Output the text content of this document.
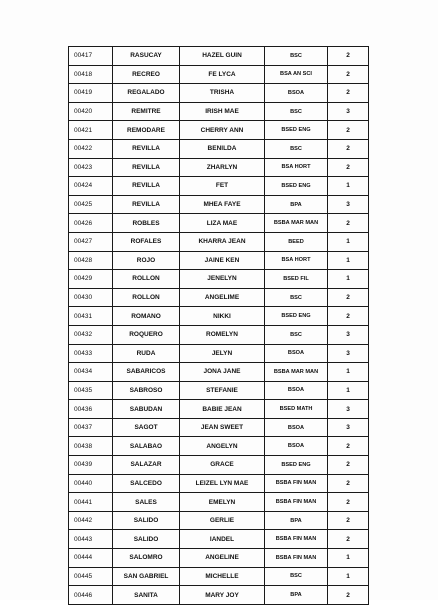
00417	RASUCAY	HAZEL GUIN	BSC	2
00418	RECREO	FE LYCA	BSA AN SCI	2
00419	REGALADO	TRISHA	BSOA	2
00420	REMITRE	IRISH MAE	BSC	3
00421	REMODARE	CHERRY ANN	BSED ENG	2
00422	REVILLA	BENILDA	BSC	2
00423	REVILLA	ZHARLYN	BSA HORT	2
00424	REVILLA	FET	BSED ENG	1
00425	REVILLA	MHEA FAYE	BPA	3
00426	ROBLES	LIZA MAE	BSBA MAR MAN	2
00427	ROFALES	KHARRA JEAN	BEED	1
00428	ROJO	JAINE KEN	BSA HORT	1
00429	ROLLON	JENELYN	BSED FIL	1
00430	ROLLON	ANGELIME	BSC	2
00431	ROMANO	NIKKI	BSED ENG	2
00432	ROQUERO	ROMELYN	BSC	3
00433	RUDA	JELYN	BSOA	3
00434	SABARICOS	JONA JANE	BSBA MAR MAN	1
00435	SABROSO	STEFANIE	BSOA	1
00436	SABUDAN	BABIE JEAN	BSED MATH	3
00437	SAGOT	JEAN SWEET	BSOA	3
00438	SALABAO	ANGELYN	BSOA	2
00439	SALAZAR	GRACE	BSED ENG	2
00440	SALCEDO	LEIZEL LYN MAE	BSBA FIN MAN	2
00441	SALES	EMELYN	BSBA FIN MAN	2
00442	SALIDO	GERLIE	BPA	2
00443	SALIDO	IANDEL	BSBA FIN MAN	2
00444	SALOMRO	ANGELINE	BSBA FIN MAN	1
00445	SAN GABRIEL	MICHELLE	BSC	1
00446	SANITA	MARY JOY	BPA	2
